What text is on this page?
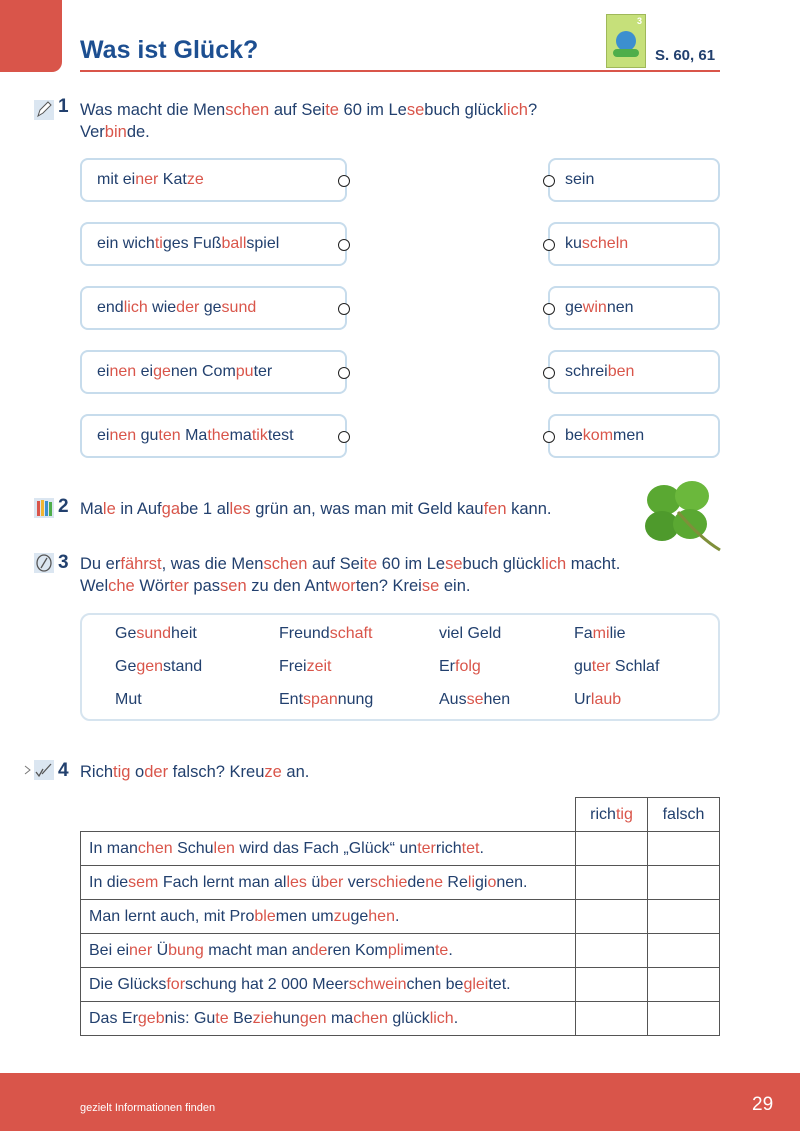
Was ist Glück?
3
S. 60, 61
1 Was macht die Menschen auf Seite 60 im Lesebuch glücklich?
Verbinde.
mit einer Katze
ein wichtiges Fußballspiel
endlich wieder gesund
einen eigenen Computer
einen guten Mathematiktest
sein
kuscheln
gewinnen
schreiben
bekommen
2 Male in Aufgabe 1 alles grün an, was man mit Geld kaufen kann.
3 Du erfährst, was die Menschen auf Seite 60 im Lesebuch glücklich macht.
Welche Wörter passen zu den Antworten? Kreise ein.
Gesundheit	Freundschaft	viel Geld	Familie
Gegenstand	Freizeit	Erfolg	guter Schlaf
Mut	Entspannung	Aussehen	Urlaub
4 Richtig oder falsch? Kreuze an.
	richtig	falsch
In manchen Schulen wird das Fach „Glück“ unterrichtet.		
In diesem Fach lernt man alles über verschiedene Religionen.		
Man lernt auch, mit Problemen umzugehen.		
Bei einer Übung macht man anderen Komplimente.		
Die Glücksforschung hat 2 000 Meerschweinchen begleitet.		
Das Ergebnis: Gute Beziehungen machen glücklich.		
gezielt Informationen finden	29
